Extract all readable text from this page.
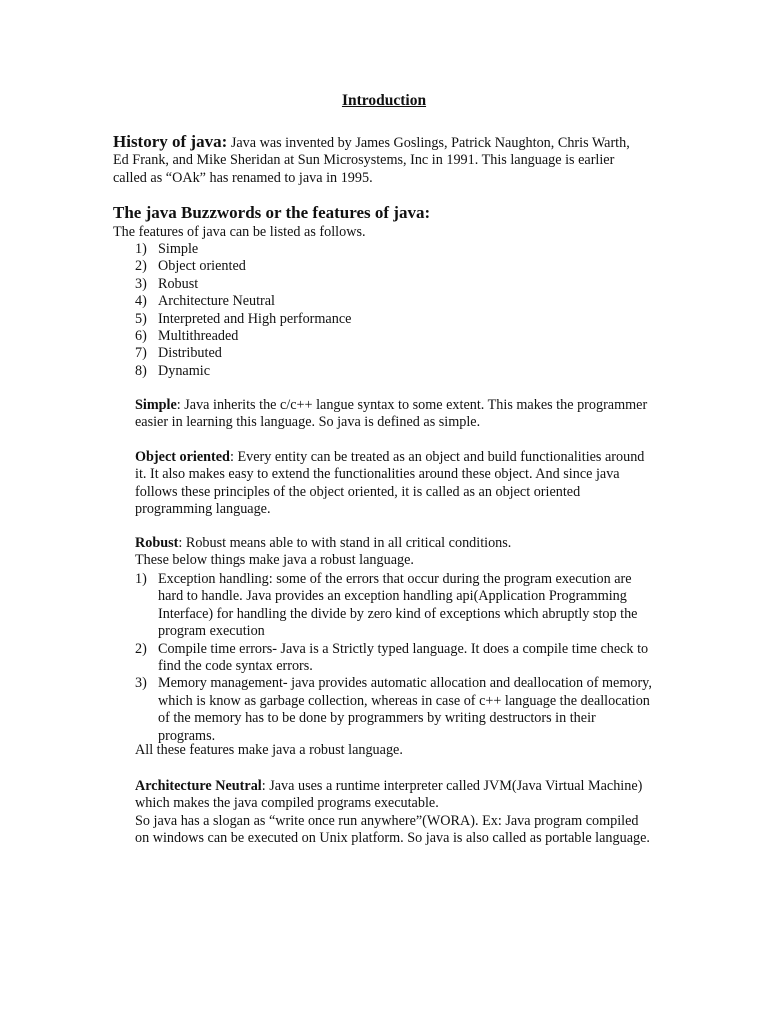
Introduction
History of java: Java was invented by James Goslings, Patrick Naughton, Chris Warth, Ed Frank, and Mike Sheridan at Sun Microsystems, Inc in 1991. This language is earlier called as “OAk” has renamed to java in 1995.
The java Buzzwords or the features of java:
The features of java can be listed as follows.
1) Simple
2) Object oriented
3) Robust
4) Architecture Neutral
5) Interpreted and High performance
6) Multithreaded
7) Distributed
8) Dynamic
Simple: Java inherits the c/c++ langue syntax to some extent. This makes the programmer easier in learning this language. So java is defined as simple.
Object oriented: Every entity can be treated as an object and build functionalities around it. It also makes easy to extend the functionalities around these object. And since java follows these principles of the object oriented, it is called as an object oriented programming language.
Robust: Robust means able to with stand in all critical conditions.
These below things make java a robust language.
1) Exception handling: some of the errors that occur during the program execution are hard to handle. Java provides an exception handling api(Application Programming Interface) for handling the divide by zero kind of exceptions which abruptly stop the program execution
2) Compile time errors- Java is a Strictly typed language. It does a compile time check to find the code syntax errors.
3) Memory management- java provides automatic allocation and deallocation of memory, which is know as garbage collection, whereas in case of c++ language the deallocation of the memory has to be done by programmers by writing destructors in their programs.
All these features make java a robust language.
Architecture Neutral: Java uses a runtime interpreter called JVM(Java Virtual Machine) which makes the java compiled programs executable.
So java has a slogan as “write once run anywhere”(WORA). Ex: Java program compiled on windows can be executed on Unix platform. So java is also called as portable language.
